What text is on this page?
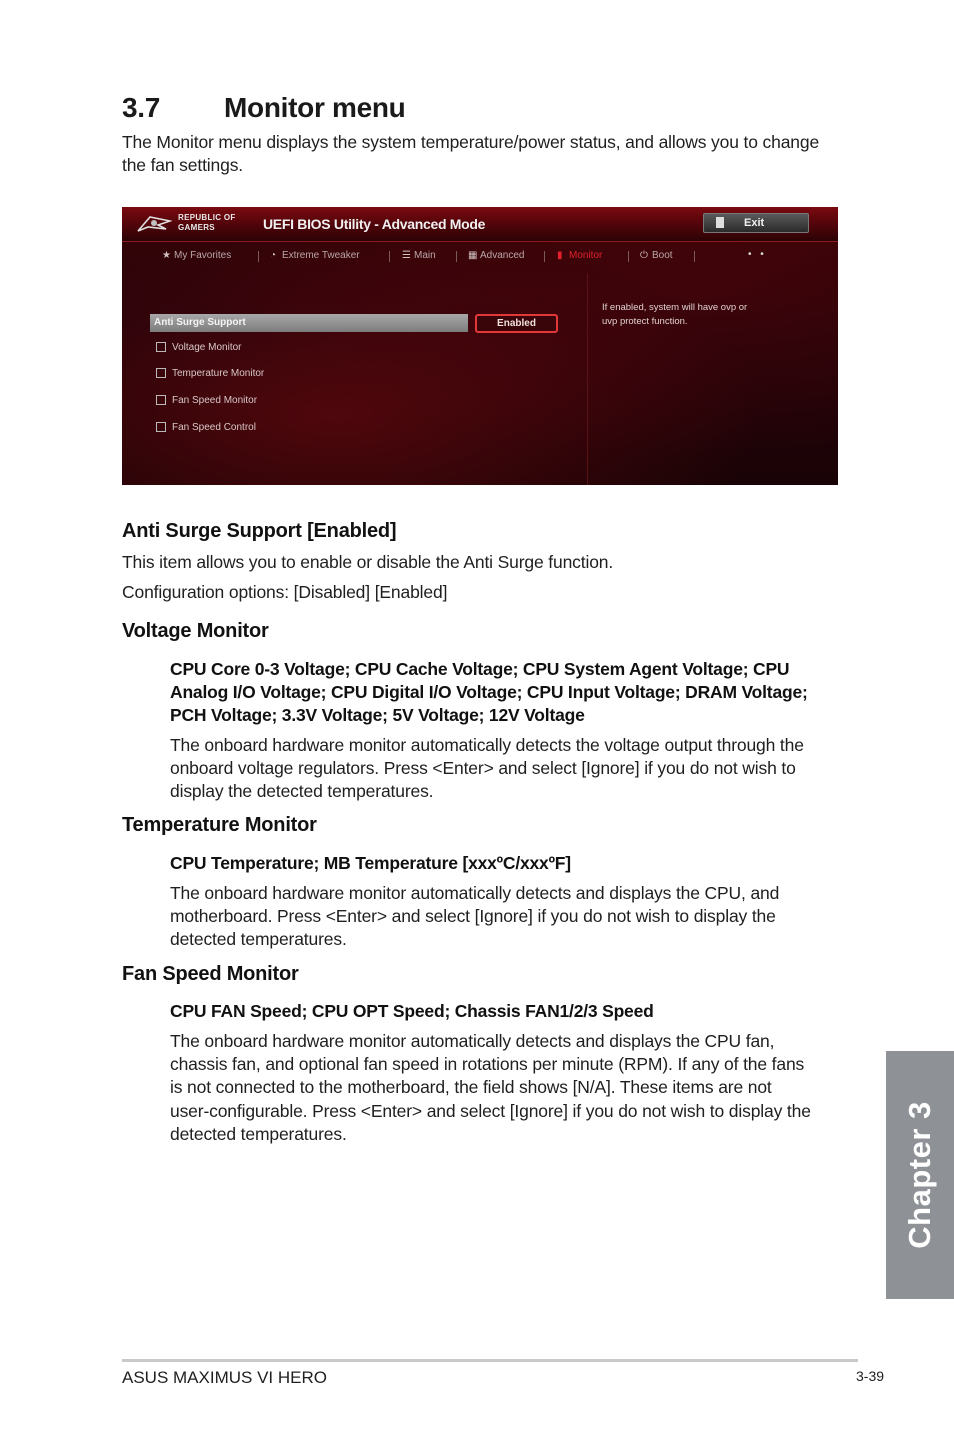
3.7 Monitor menu
The Monitor menu displays the system temperature/power status, and allows you to change
the fan settings.
REPUBLIC OF
GAMERS	UEFI BIOS Utility - Advanced Mode	Exit
★ My Favorites	◔ Extreme Tweaker	☰ Main	▦ Advanced	▮ Monitor	⏻ Boot	• •
Anti Surge Support	Enabled
Voltage Monitor
Temperature Monitor
Fan Speed Monitor
Fan Speed Control
If enabled, system will have ovp or
uvp protect function.
Anti Surge Support [Enabled]
This item allows you to enable or disable the Anti Surge function.
Configuration options: [Disabled] [Enabled]
Voltage Monitor
CPU Core 0-3 Voltage; CPU Cache Voltage; CPU System Agent Voltage; CPU
Analog I/O Voltage; CPU Digital I/O Voltage; CPU Input Voltage; DRAM Voltage;
PCH Voltage; 3.3V Voltage; 5V Voltage; 12V Voltage
The onboard hardware monitor automatically detects the voltage output through the
onboard voltage regulators. Press <Enter> and select [Ignore] if you do not wish to
display the detected temperatures.
Temperature Monitor
CPU Temperature; MB Temperature [xxxºC/xxxºF]
The onboard hardware monitor automatically detects and displays the CPU, and
motherboard. Press <Enter> and select [Ignore] if you do not wish to display the
detected temperatures.
Fan Speed Monitor
CPU FAN Speed; CPU OPT Speed; Chassis FAN1/2/3 Speed
The onboard hardware monitor automatically detects and displays the CPU fan,
chassis fan, and optional fan speed in rotations per minute (RPM). If any of the fans
is not connected to the motherboard, the field shows [N/A]. These items are not
user-configurable. Press <Enter> and select [Ignore] if you do not wish to display the
detected temperatures.	Chapter 3
ASUS MAXIMUS VI HERO	3-39
